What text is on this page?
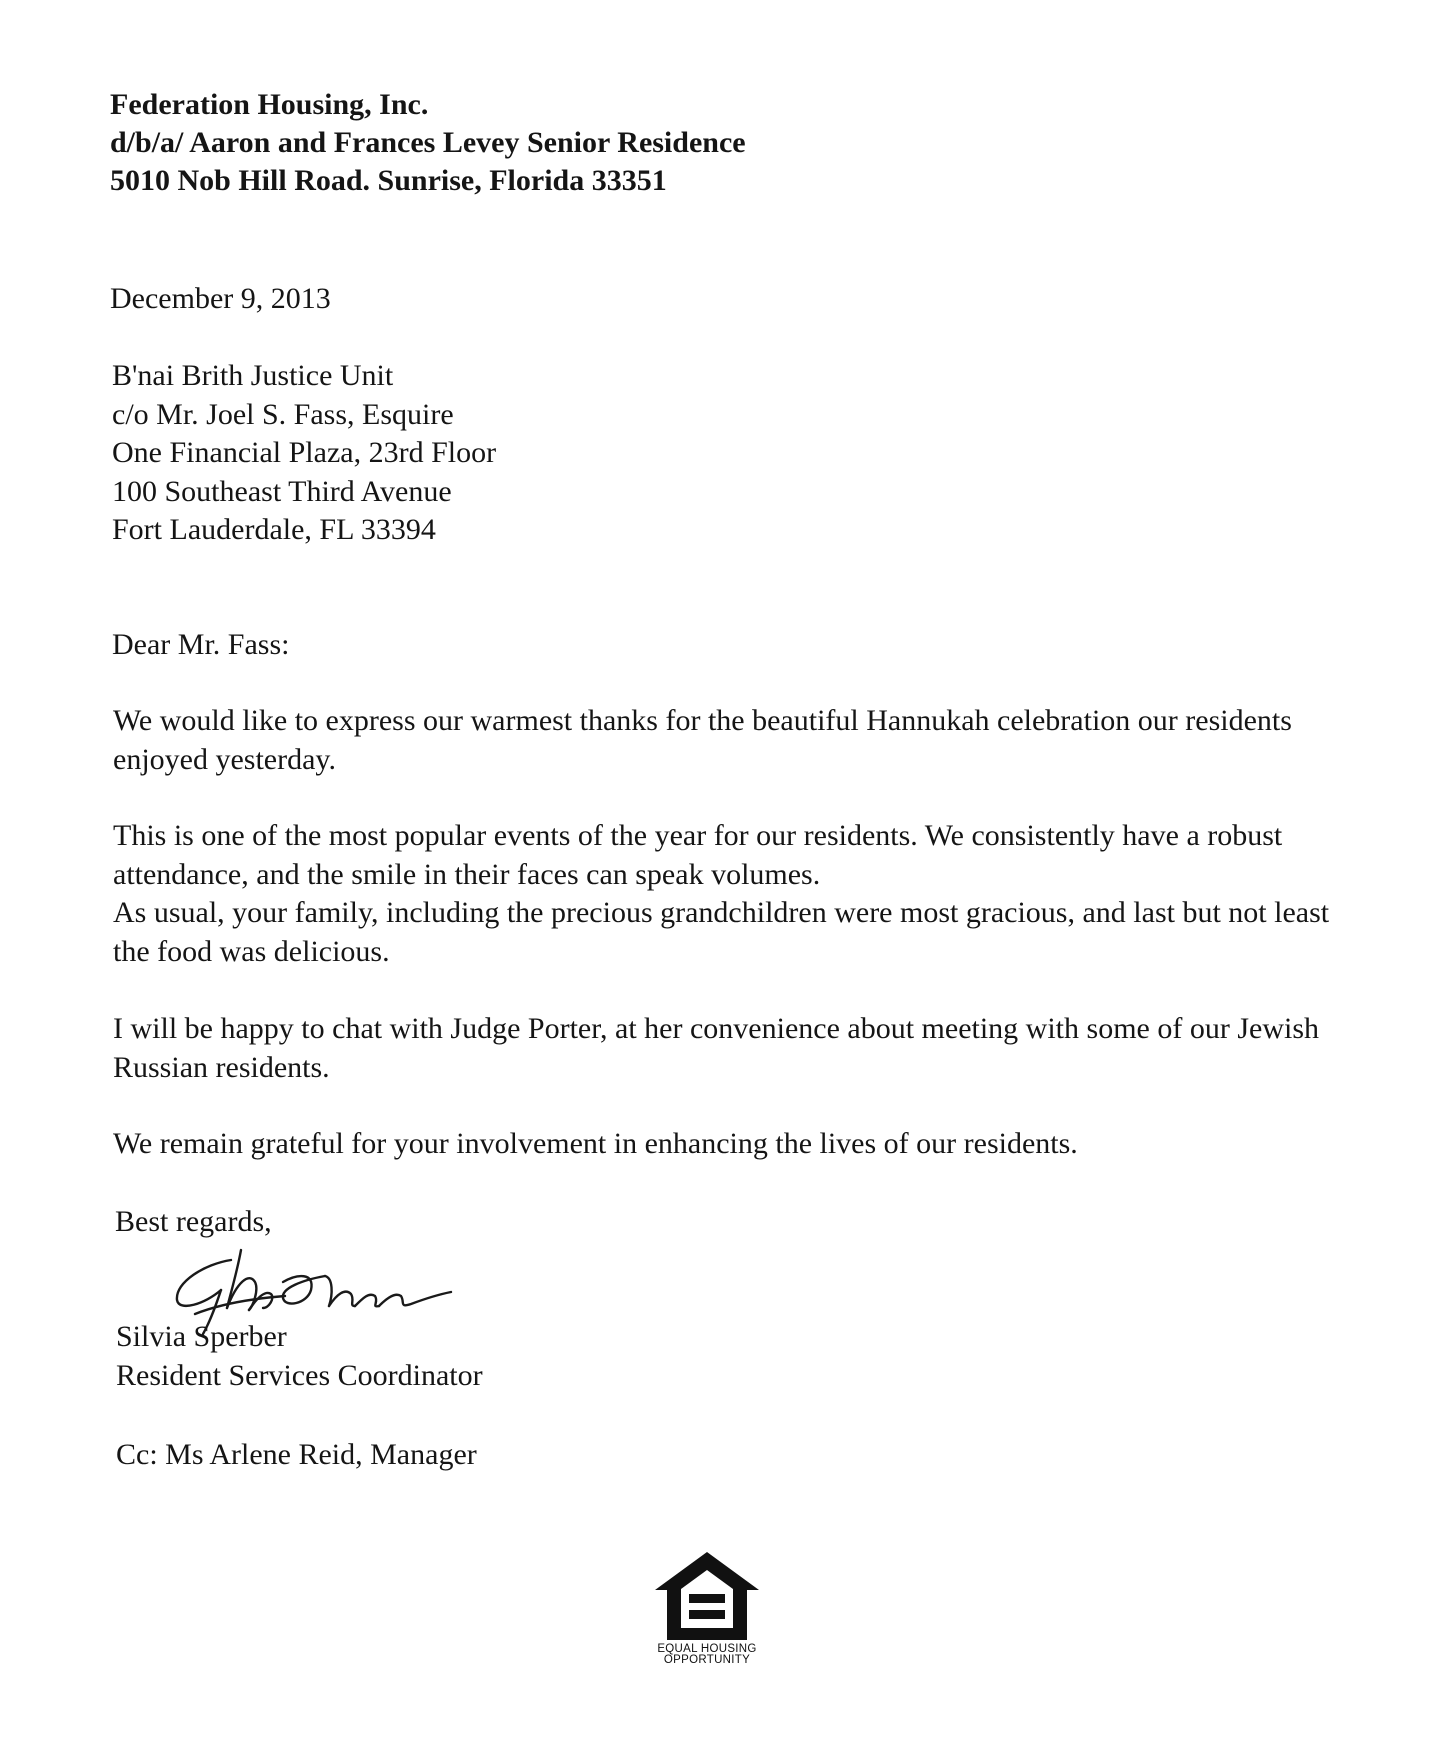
Federation Housing, Inc.
d/b/a/ Aaron and Frances Levey Senior Residence
5010 Nob Hill Road. Sunrise, Florida 33351
December 9, 2013
B'nai Brith Justice Unit
c/o Mr. Joel S. Fass, Esquire
One Financial Plaza, 23rd Floor
100 Southeast Third Avenue
Fort Lauderdale, FL 33394
Dear Mr. Fass:

We would like to express our warmest thanks for the beautiful Hannukah celebration our residents enjoyed yesterday.

This is one of the most popular events of the year for our residents. We consistently have a robust attendance, and the smile in their faces can speak volumes.
As usual, your family, including the precious grandchildren were most gracious, and last but not least the food was delicious.

I will be happy to chat with Judge Porter, at her convenience about meeting with some of our Jewish Russian residents.

We remain grateful for your involvement in enhancing the lives of our residents.

Best regards,
Silvia Sperber
Resident Services Coordinator
Cc: Ms Arlene Reid, Manager
EQUAL HOUSING
OPPORTUNITY
